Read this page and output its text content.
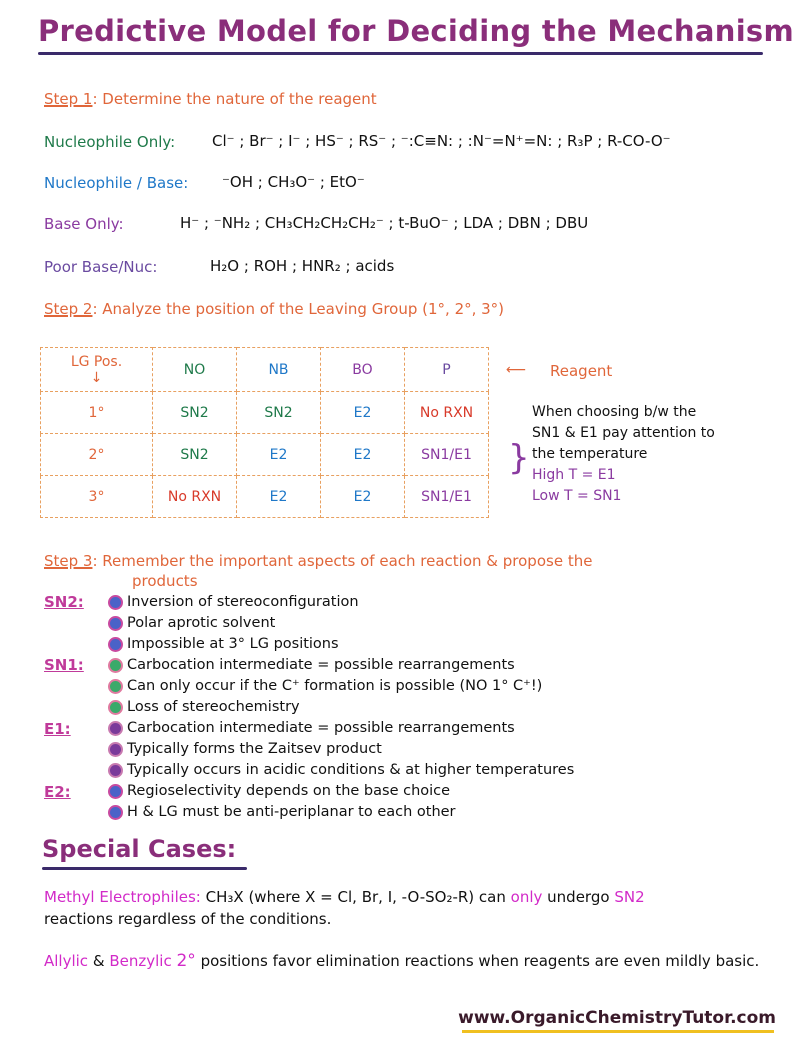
Predictive Model for Deciding the Mechanism
Step 1: Determine the nature of the reagent
Nucleophile Only: Cl⁻ ; Br⁻ ; I⁻ ; HS⁻ ; RS⁻ ; ⁻:C≡N: ; :N⁻=N⁺=N: ; R₃P ; R-CO-O⁻
Nucleophile / Base: ⁻OH ; CH₃O⁻ ; EtO⁻
Base Only:	H⁻ ; ⁻NH₂ ; CH₃CH₂CH₂CH₂⁻ ; t-BuO⁻ ; LDA ; DBN ; DBU
Poor Base/Nuc:	H₂O ; ROH ; HNR₂ ; acids
Step 2: Analyze the position of the Leaving Group (1°, 2°, 3°)
LG Pos.
↓	NO	NB	BO	P
1°	SN2	SN2	E2	No RXN
2°	SN2	E2	E2	SN1/E1
3°	No RXN	E2	E2	SN1/E1
⟵ Reagent
}
When choosing b/w the
SN1 & E1 pay attention to
the temperature
High T = E1
Low T = SN1
Step 3: Remember the important aspects of each reaction & propose the
products
SN2:	Inversion of stereoconfiguration
Polar aprotic solvent
Impossible at 3° LG positions
SN1:	Carbocation intermediate = possible rearrangements
Can only occur if the C⁺ formation is possible (NO 1° C⁺!)
Loss of stereochemistry
E1:	Carbocation intermediate = possible rearrangements
Typically forms the Zaitsev product
Typically occurs in acidic conditions & at higher temperatures
E2:	Regioselectivity depends on the base choice
H & LG must be anti-periplanar to each other
Special Cases:
Methyl Electrophiles: CH₃X (where X = Cl, Br, I, -O-SO₂-R) can only undergo SN2
reactions regardless of the conditions.
Allylic & Benzylic 2° positions favor elimination reactions when reagents are even mildly basic.
www.OrganicChemistryTutor.com
